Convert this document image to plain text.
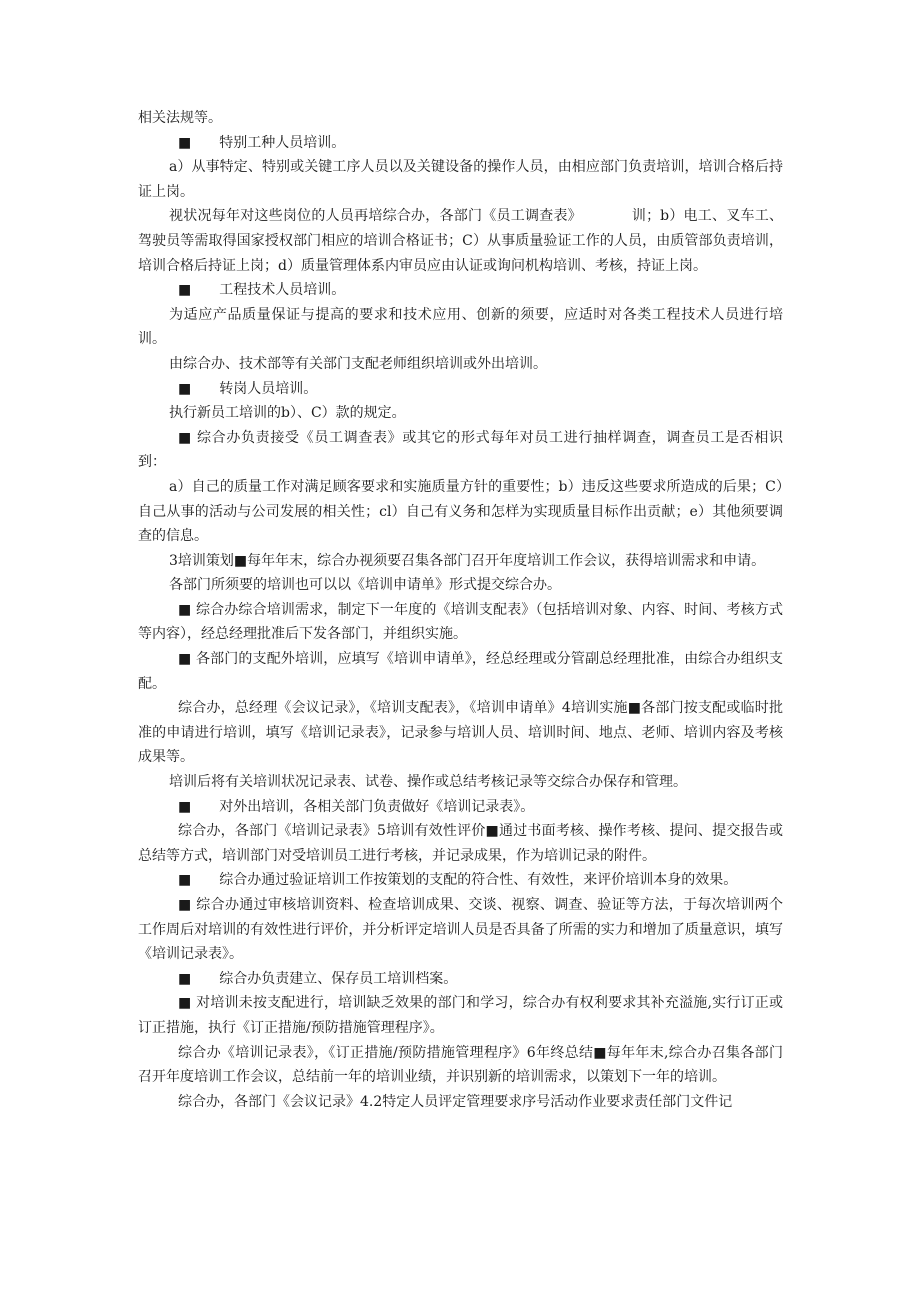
相关法规等。

■　　特别工种人员培训。

a）从事特定、特别或关键工序人员以及关键设备的操作人员，由相应部门负责培训，培训合格后持证上岗。

视状况每年对这些岗位的人员再培综合办，各部门《员工调查表》　　　　训；b）电工、叉车工、驾驶员等需取得国家授权部门相应的培训合格证书；C）从事质量验证工作的人员，由质管部负责培训，培训合格后持证上岗；d）质量管理体系内审员应由认证或询问机构培训、考核，持证上岗。

■　　工程技术人员培训。

为适应产品质量保证与提高的要求和技术应用、创新的须要，应适时对各类工程技术人员进行培训。

由综合办、技术部等有关部门支配老师组织培训或外出培训。

■　　转岗人员培训。

执行新员工培训的b）、C）款的规定。

■ 综合办负责接受《员工调查表》或其它的形式每年对员工进行抽样调查，调查员工是否相识到：

a）自己的质量工作对满足顾客要求和实施质量方针的重要性；b）违反这些要求所造成的后果；C）自己从事的活动与公司发展的相关性；cl）自己有义务和怎样为实现质量目标作出贡献；e）其他须要调查的信息。

3培训策划■每年年末，综合办视须要召集各部门召开年度培训工作会议，获得培训需求和申请。

各部门所须要的培训也可以以《培训申请单》形式提交综合办。

■ 综合办综合培训需求，制定下一年度的《培训支配表》（包括培训对象、内容、时间、考核方式等内容），经总经理批准后下发各部门，并组织实施。

■ 各部门的支配外培训，应填写《培训申请单》，经总经理或分管副总经理批准，由综合办组织支配。

综合办，总经理《会议记录》，《培训支配表》，《培训申请单》4培训实施■各部门按支配或临时批准的申请进行培训，填写《培训记录表》，记录参与培训人员、培训时间、地点、老师、培训内容及考核成果等。

培训后将有关培训状况记录表、试卷、操作或总结考核记录等交综合办保存和管理。

■　　对外出培训，各相关部门负责做好《培训记录表》。

综合办，各部门《培训记录表》5培训有效性评价■通过书面考核、操作考核、提问、提交报告或总结等方式，培训部门对受培训员工进行考核，并记录成果，作为培训记录的附件。

■　　综合办通过验证培训工作按策划的支配的符合性、有效性，来评价培训本身的效果。

■ 综合办通过审核培训资料、检查培训成果、交谈、视察、调查、验证等方法，于每次培训两个工作周后对培训的有效性进行评价，并分析评定培训人员是否具备了所需的实力和增加了质量意识，填写《培训记录表》。

■　　综合办负责建立、保存员工培训档案。

■ 对培训未按支配进行，培训缺乏效果的部门和学习，综合办有权利要求其补充溢施,实行订正或订正措施，执行《订正措施/预防措施管理程序》。

综合办《培训记录表》，《订正措施/预防措施管理程序》6年终总结■每年年末,综合办召集各部门召开年度培训工作会议，总结前一年的培训业绩，并识别新的培训需求，以策划下一年的培训。

综合办，各部门《会议记录》4.2特定人员评定管理要求序号活动作业要求责任部门文件记
